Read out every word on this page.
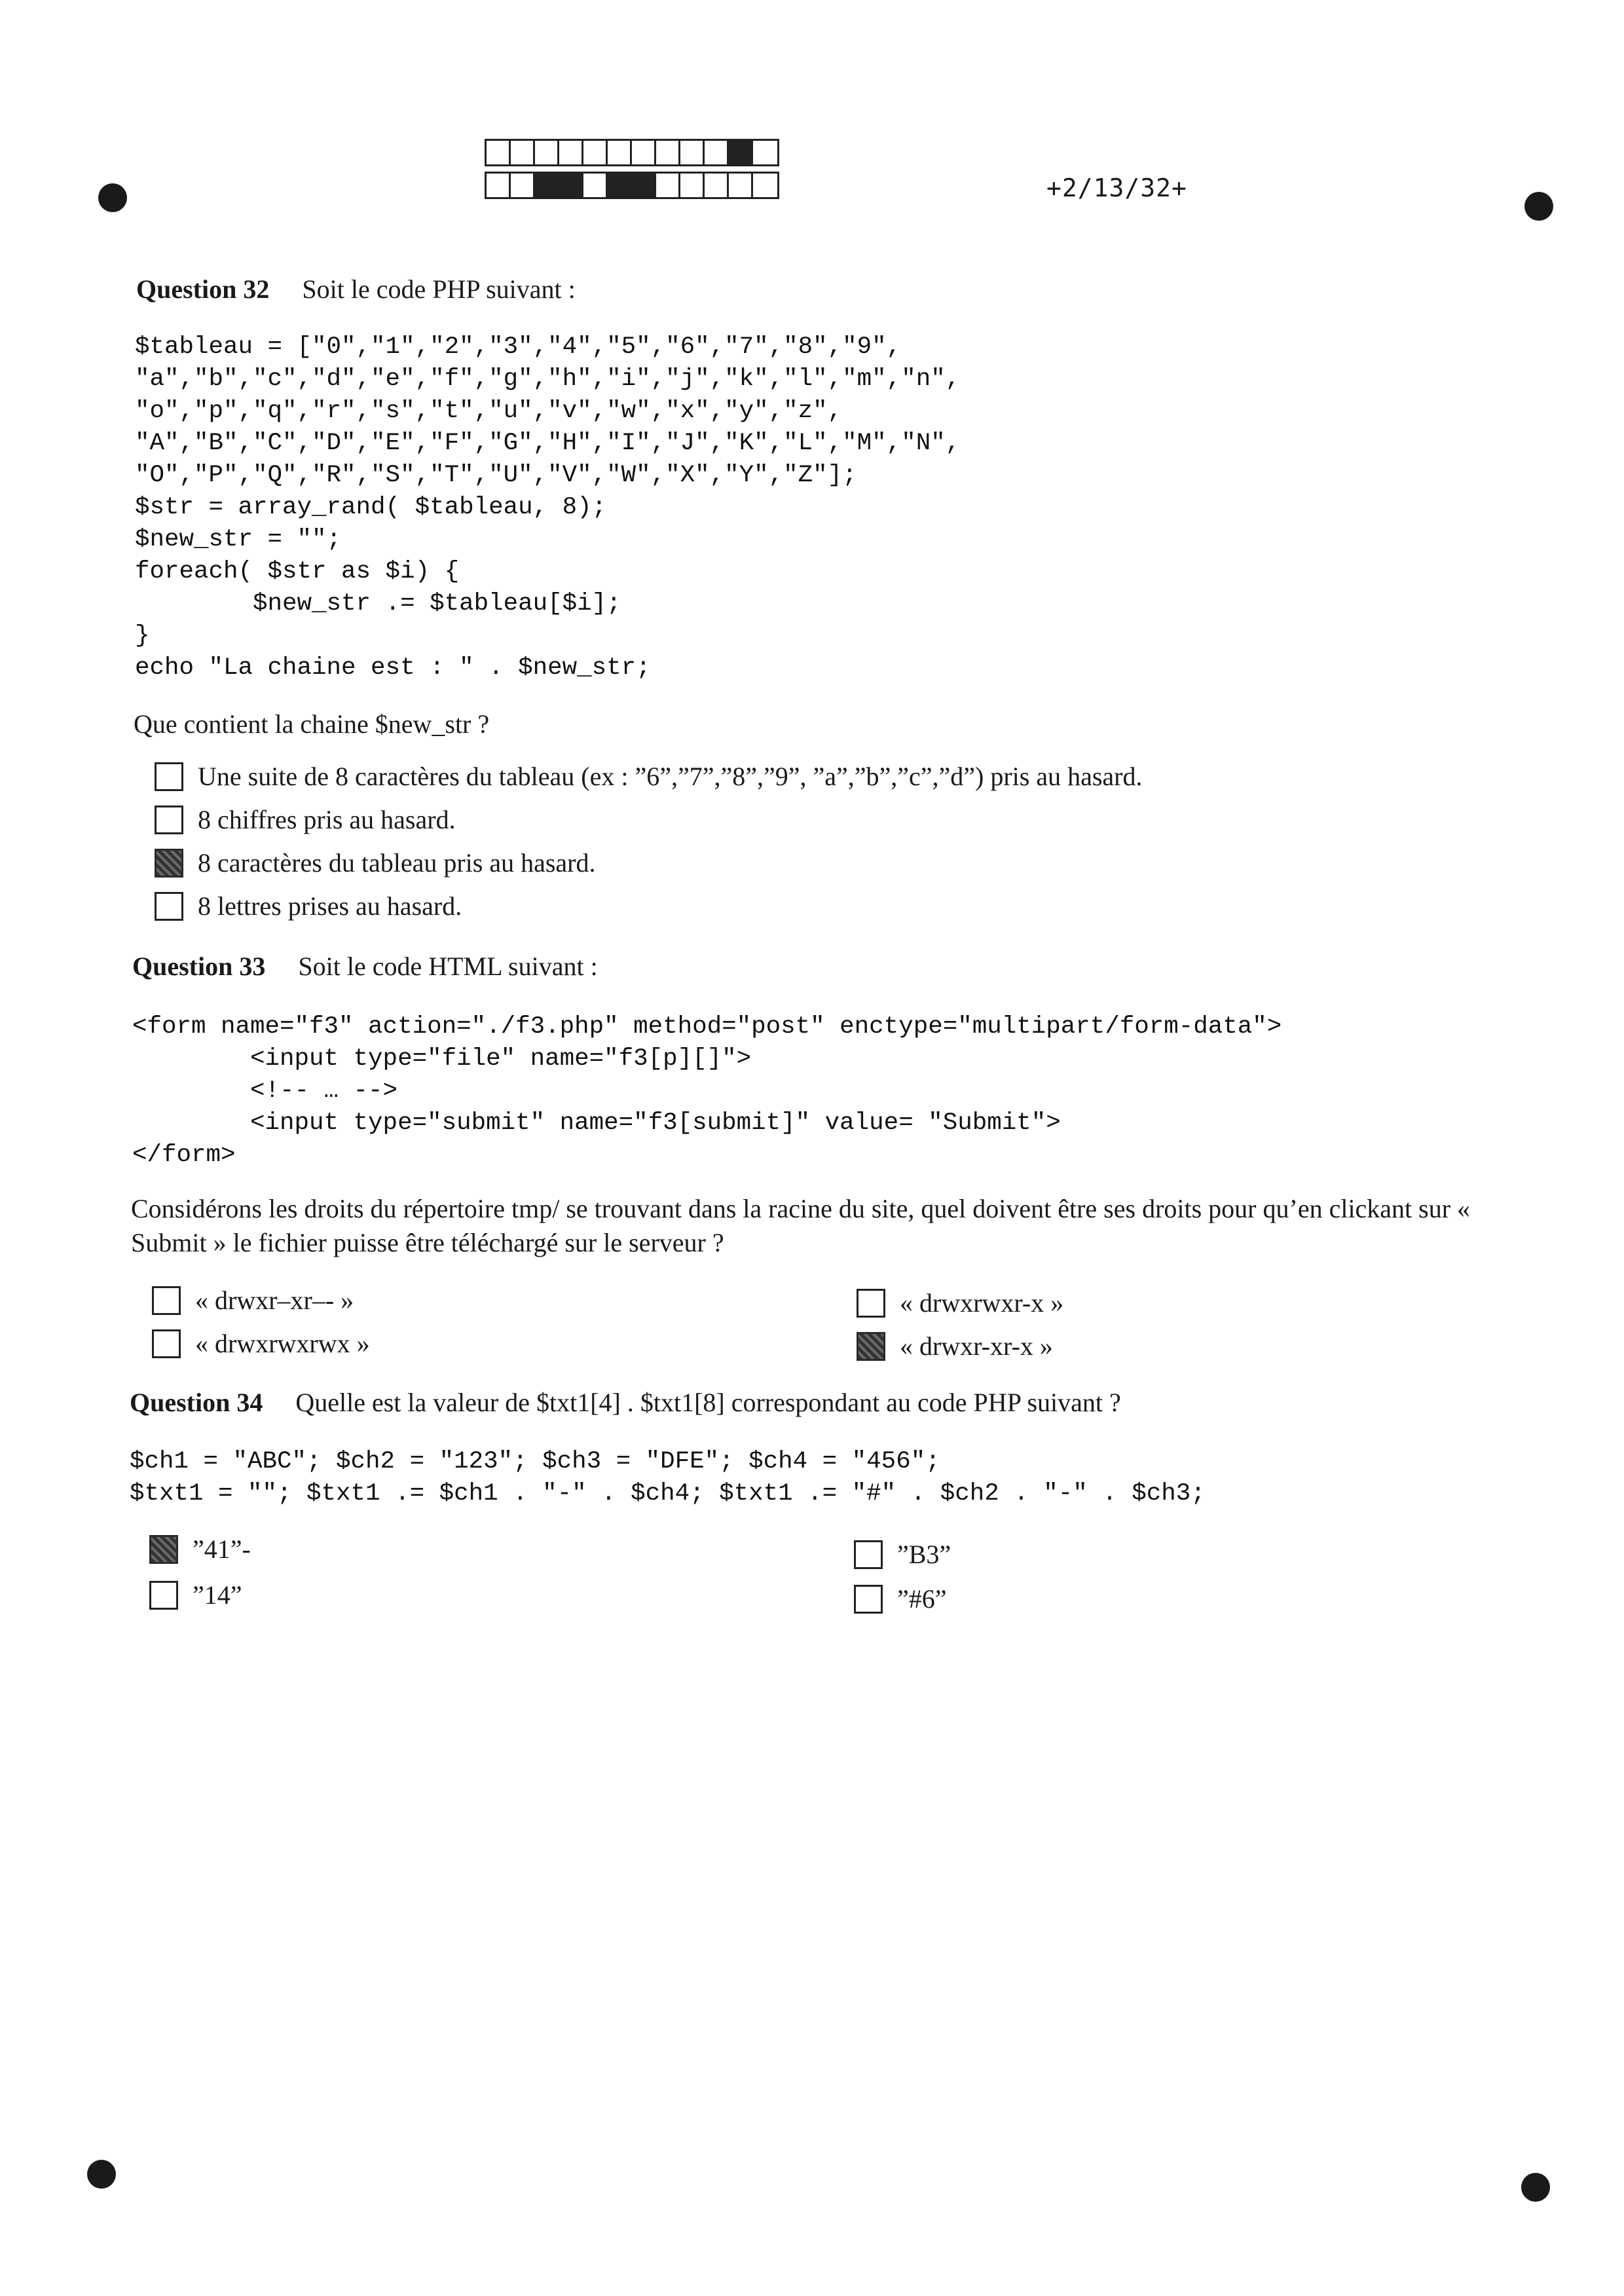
+2/13/32+
Question 32 Soit le code PHP suivant :
$tableau = ["0","1","2","3","4","5","6","7","8","9",
"a","b","c","d","e","f","g","h","i","j","k","l","m","n",
"o","p","q","r","s","t","u","v","w","x","y","z",
"A","B","C","D","E","F","G","H","I","J","K","L","M","N",
"O","P","Q","R","S","T","U","V","W","X","Y","Z"];
$str = array_rand( $tableau, 8);
$new_str = "";
foreach( $str as $i) {
$new_str .= $tableau[$i];
}
echo "La chaine est : " . $new_str;
Que contient la chaine $new_str ?
Une suite de 8 caractères du tableau (ex : ”6”,”7”,”8”,”9”, ”a”,”b”,”c”,”d”) pris au hasard.
8 chiffres pris au hasard.
8 caractères du tableau pris au hasard.
8 lettres prises au hasard.
Question 33 Soit le code HTML suivant :
<form name="f3" action="./f3.php" method="post" enctype="multipart/form-data">
<input type="file" name="f3[p][]">
<!-- … -->
<input type="submit" name="f3[submit]" value= "Submit">
</form>
Considérons les droits du répertoire tmp/ se trouvant dans la racine du site, quel doivent être ses droits pour qu’en clickant sur « Submit » le fichier puisse être téléchargé sur le serveur ?
« drwxr–xr–- »
« drwxrwxrwx »
« drwxrwxr-x »
« drwxr-xr-x »
Question 34 Quelle est la valeur de $txt1[4] . $txt1[8] correspondant au code PHP suivant ?
$ch1 = "ABC"; $ch2 = "123"; $ch3 = "DFE"; $ch4 = "456";
$txt1 = ""; $txt1 .= $ch1 . "-" . $ch4; $txt1 .= "#" . $ch2 . "-" . $ch3;
”41”-
”14”
”B3”
”#6”
